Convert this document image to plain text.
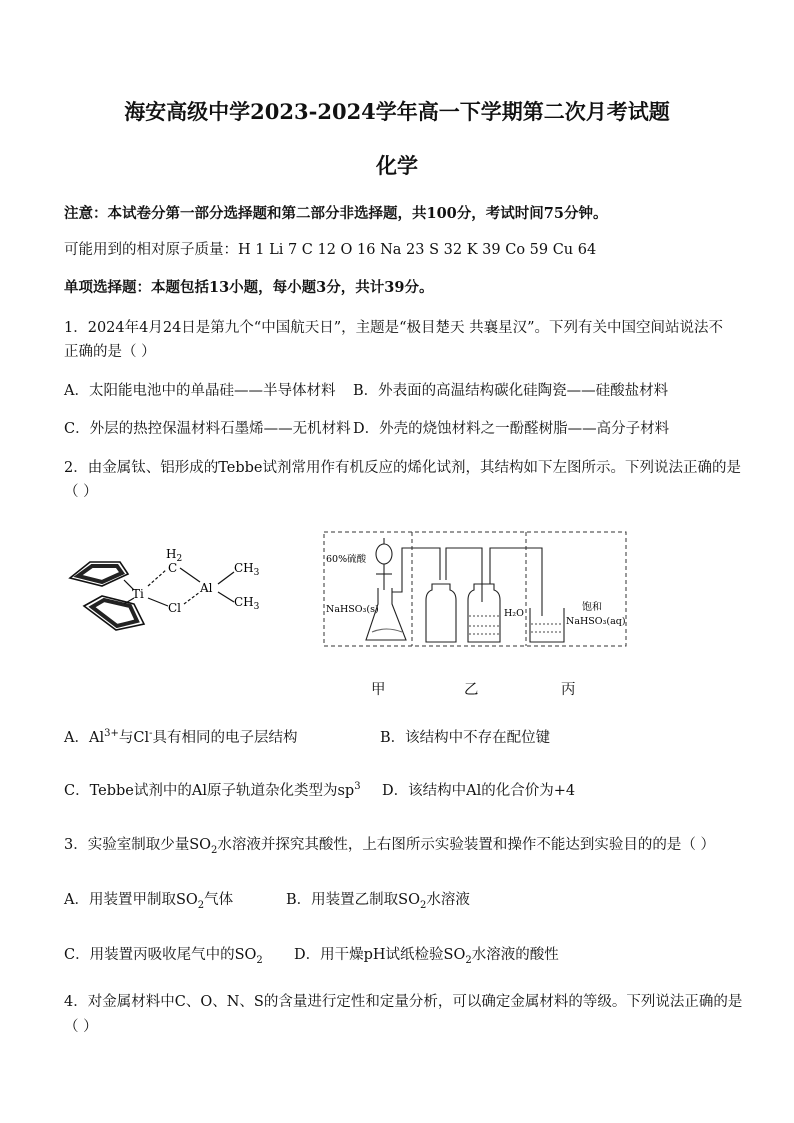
海安高级中学2023-2024学年高一下学期第二次月考试题
化学
注意：本试卷分第一部分选择题和第二部分非选择题，共100分，考试时间75分钟。
可能用到的相对原子质量：H 1 Li 7 C 12 O 16 Na 23 S 32 K 39 Co 59 Cu 64
单项选择题：本题包括13小题，每小题3分，共计39分。
1．2024年4月24日是第九个“中国航天日”，主题是“极目楚天 共襄星汉”。下列有关中国空间站说法不
正确的是（ ）
A．太阳能电池中的单晶硅——半导体材料 B．外表面的高温结构碳化硅陶瓷——硅酸盐材料
C．外层的热控保温材料石墨烯——无机材料 D．外壳的烧蚀材料之一酚醛树脂——高分子材料
2．由金属钛、铝形成的Tebbe试剂常用作有机反应的烯化试剂，其结构如下左图所示。下列说法正确的是
（ ）
Ti
$H_2$
C
Al
Cl
$CH_3$
$CH_3$
60%硫酸
NaHSO₃(s)	H₂O
饱和
NaHSO₃(aq)
甲	乙	丙
A．$Al^{3+}$与Cl-具有相同的电子层结构	B．该结构中不存在配位键
C．Tebbe试剂中的Al原子轨道杂化类型为$sp^3$ D．该结构中Al的化合价为+4
3．实验室制取少量$SO_2$水溶液并探究其酸性，上右图所示实验装置和操作不能达到实验目的的是（ ）
A．用装置甲制取$SO_2$气体	B．用装置乙制取$SO_2$水溶液
C．用装置丙吸收尾气中的$SO_2$ D．用干燥pH试纸检验$SO_2$水溶液的酸性
4．对金属材料中C、O、N、S的含量进行定性和定量分析，可以确定金属材料的等级。下列说法正确的是
（ ）
